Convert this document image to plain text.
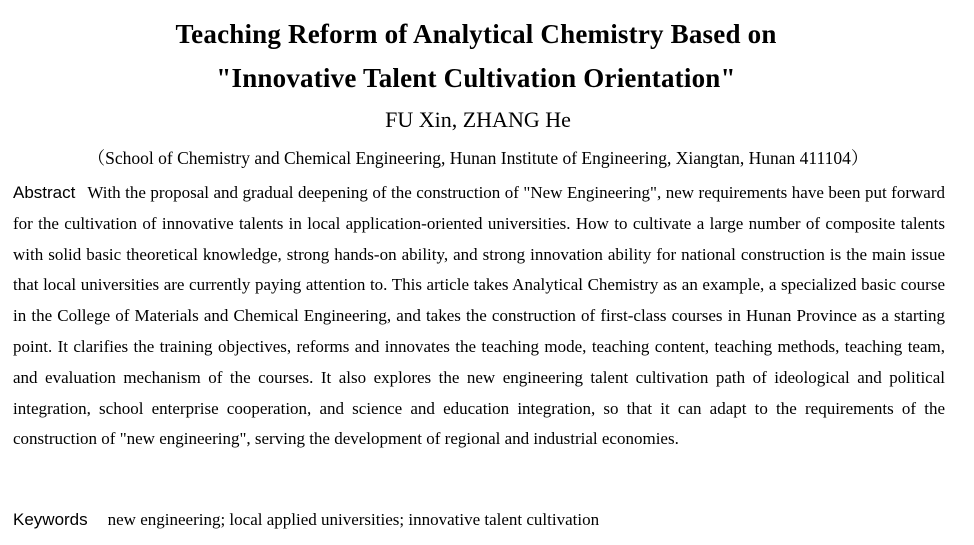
Teaching Reform of Analytical Chemistry Based on
"Innovative Talent Cultivation Orientation"
FU Xin, ZHANG He
（School of Chemistry and Chemical Engineering, Hunan Institute of Engineering, Xiangtan, Hunan 411104）
Abstract With the proposal and gradual deepening of the construction of "New Engineering", new requirements have been put forward for the cultivation of innovative talents in local application-oriented universities. How to cultivate a large number of composite talents with solid basic theoretical knowledge, strong hands-on ability, and strong innovation ability for national construction is the main issue that local universities are currently paying attention to. This article takes Analytical Chemistry as an example, a specialized basic course in the College of Materials and Chemical Engineering, and takes the construction of first-class courses in Hunan Province as a starting point. It clarifies the training objectives, reforms and innovates the teaching mode, teaching content, teaching methods, teaching team, and evaluation mechanism of the courses. It also explores the new engineering talent cultivation path of ideological and political integration, school enterprise cooperation, and science and education integration, so that it can adapt to the requirements of the construction of "new engineering", serving the development of regional and industrial economies.
Keywords new engineering; local applied universities; innovative talent cultivation
